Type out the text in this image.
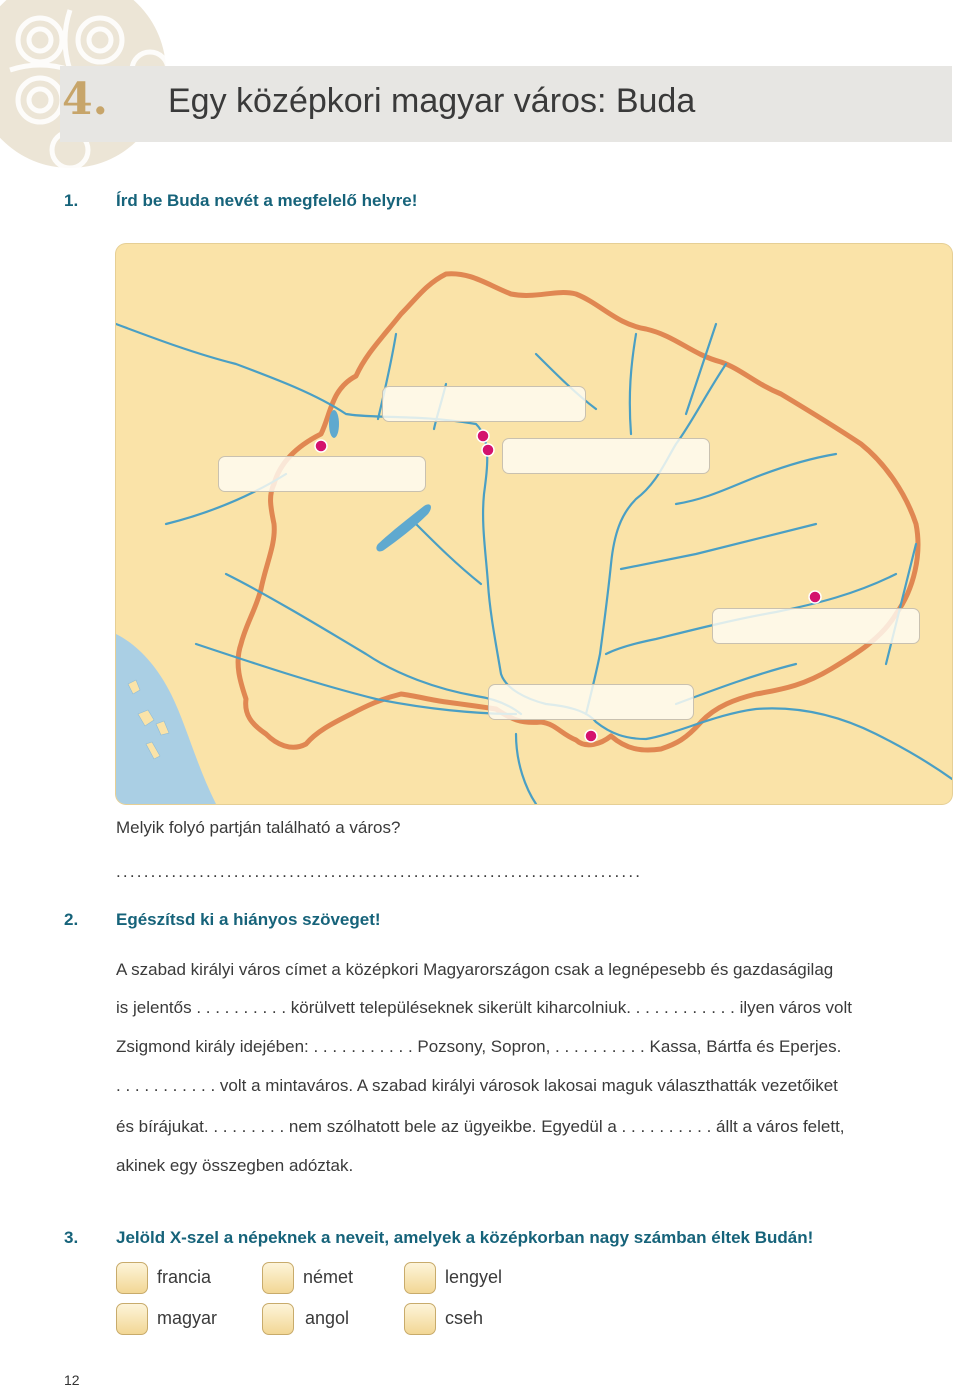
4. Egy középkori magyar város: Buda
1. Írd be Buda nevét a megfelelő helyre!
Melyik folyó partján található a város?
............................................................................
2. Egészítsd ki a hiányos szöveget!
A szabad királyi város címet a középkori Magyarországon csak a legnépesebb és gazdaságilag
is jelentős . . . . . . . . . . körülvett településeknek sikerült kiharcolniuk. . . . . . . . . . . . ilyen város volt
Zsigmond király idejében: . . . . . . . . . . . Pozsony, Sopron, . . . . . . . . . . Kassa, Bártfa és Eperjes.
. . . . . . . . . . . volt a mintaváros. A szabad királyi városok lakosai maguk választhatták vezetőiket
és bírájukat. . . . . . . . . nem szólhatott bele az ügyeikbe. Egyedül a . . . . . . . . . . állt a város felett,
akinek egy összegben adóztak.
3. Jelöld X-szel a népeknek a neveit, amelyek a középkorban nagy számban éltek Budán!
francia	német	lengyel
magyar	angol	cseh
12
